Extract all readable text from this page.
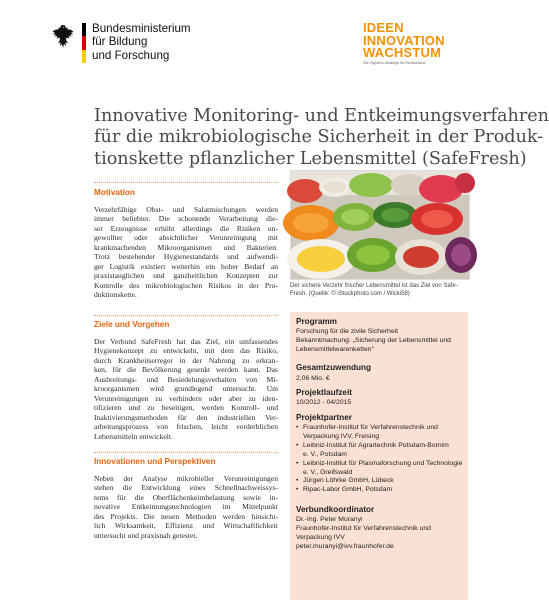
Bundesministerium
für Bildung
und Forschung
IDEEN
INNOVATION
WACHSTUM
Die Hightech-Strategie für Deutschland
Innovative Monitoring- und Entkeimungsverfahren
für die mikrobiologische Sicherheit in der Produk-
tionskette pflanzlicher Lebensmittel (SafeFresh)

Motivation

Verzehrfähige Obst- und Salatmischungen werden
immer beliebter. Die schonende Verarbeitung die-
ser Erzeugnisse erhöht allerdings die Risiken un-
gewollter oder absichtlicher Verunreinigung mit
krankmachenden Mikroorganismen und Bakterien.
Trotz bestehender Hygienestandards und aufwendi-
ger Logistik existiert weiterhin ein hoher Bedarf an
praxistauglichen und ganzheitlichen Konzepten zur
Kontrolle des mikrobiologischen Risikos in der Pro-
duktionskette.

Ziele und Vorgehen

Der Verbund SafeFresh hat das Ziel, ein umfassendes
Hygienekonzept zu entwickeln, mit dem das Risiko,
durch Krankheitserreger in der Nahrung zu erkran-
ken, für die Bevölkerung gesenkt werden kann. Das
Ausbreitungs- und Besiedelungsverhalten von Mi-
kroorganismen wird grundlegend untersucht. Um
Verunreinigungen zu verhindern oder aber zu iden-
tifizieren und zu beseitigen, werden Kontroll- und
Inaktivierungsmethoden für den industriellen Ver-
arbeitungsprozess von frischen, leicht verderblichen
Lebensmitteln entwickelt.

Innovationen und Perspektiven

Neben der Analyse mikrobieller Verunreinigungen
stehen die Entwicklung eines Schnellnachweissys-
tems für die Oberflächenkeimbelastung sowie in-
novative Entkeimungstechnologien im Mittelpunkt
des Projekts. Die neuen Methoden werden hinsicht-
lich Wirksamkeit, Effizienz und Wirtschaftlichkeit
untersucht und praxisnah getestet.

Der sichere Verzehr frischer Lebensmittel ist das Ziel von Safe-
Fresh. (Quelle: © iStockphoto.com / Wicki58)
Programm
Forschung für die zivile Sicherheit
Bekanntmachung: „Sicherung der Lebensmittel und
Lebensmittelwarenketten“
Gesamtzuwendung
2,06 Mio. €
Projektlaufzeit
10/2012 - 04/2015
Projektpartner
• Fraunhofer-Institut für Verfahrenstechnik und
Verpackung IVV, Freising
• Leibniz-Institut für Agrartechnik Potsdam-Bornim
e. V., Potsdam
• Leibniz-Institut für Plasmaforschung und Technologie
e. V., Greifswald
• Jürgen Löhrke GmbH, Lübeck
• Ripac-Labor GmbH, Potsdam
Verbundkoordinator
Dr.-Ing. Peter Muranyi
Fraunhofer-Institut für Verfahrenstechnik und
Verpackung IVV
peter.muranyi@ivv.fraunhofer.de
